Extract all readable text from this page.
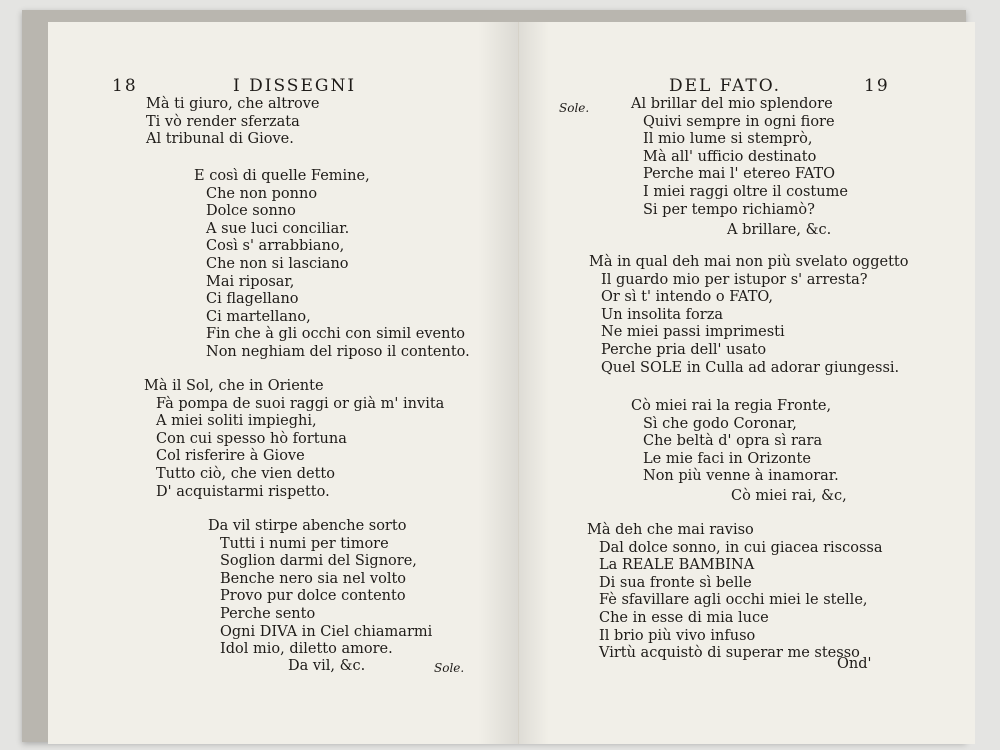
18	I DISSEGNI
Mà ti giuro, che altrove
Ti vò render sferzata
Al tribunal di Giove.
E così di quelle Femine,
Che non ponno
Dolce sonno
A sue luci conciliar.
Così s' arrabbiano,
Che non si lasciano
Mai riposar,
Ci flagellano
Ci martellano,
Fin che à gli occhi con simil evento
Non neghiam del riposo il contento.
Mà il Sol, che in Oriente
Fà pompa de suoi raggi or già m' invita
A miei soliti impieghi,
Con cui spesso hò fortuna
Col risferire à Giove
Tutto ciò, che vien detto
D' acquistarmi rispetto.
Da vil stirpe abenche sorto
Tutti i numi per timore
Soglion darmi del Signore,
Benche nero sia nel volto
Provo pur dolce contento
Perche sento
Ogni DIVA in Ciel chiamarmi
Idol mio, diletto amore.
Da vil, &c.	Sole.
DEL FATO.	19
Sole.	Al brillar del mio splendore
Quivi sempre in ogni fiore
Il mio lume si stemprò,
Mà all' ufficio destinato
Perche mai l' etereo FATO
I miei raggi oltre il costume
Si per tempo richiamò?
A brillare, &c.
Mà in qual deh mai non più svelato oggetto
Il guardo mio per istupor s' arresta?
Or sì t' intendo o FATO,
Un insolita forza
Ne miei passi imprimesti
Perche pria dell' usato
Quel SOLE in Culla ad adorar giungessi.
Cò miei rai la regia Fronte,
Sì che godo Coronar,
Che beltà d' opra sì rara
Le mie faci in Orizonte
Non più venne à inamorar.
Cò miei rai, &c,
Mà deh che mai raviso
Dal dolce sonno, in cui giacea riscossa
La REALE BAMBINA
Di sua fronte sì belle
Fè sfavillare agli occhi miei le stelle,
Che in esse di mia luce
Il brio più vivo infuso
Virtù acquistò di superar me stesso
Ond'
